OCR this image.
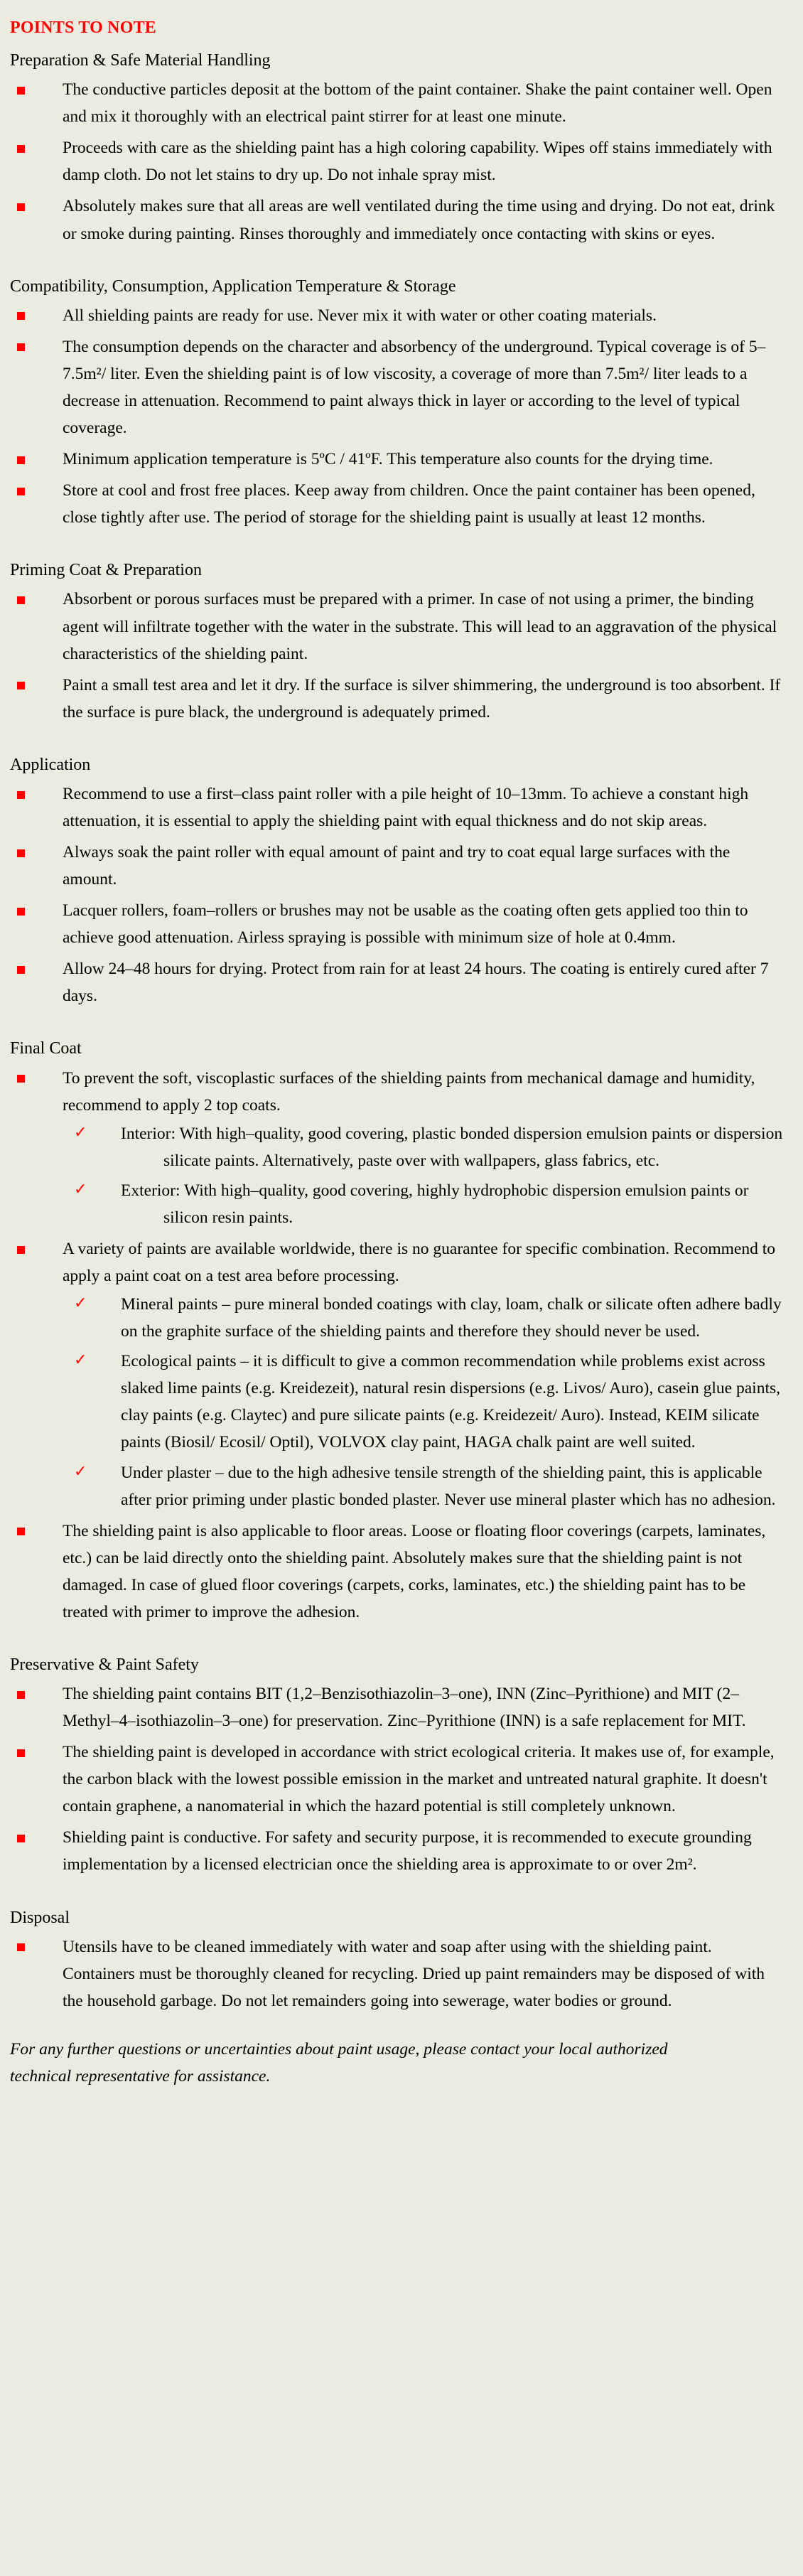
POINTS TO NOTE
Preparation & Safe Material Handling
The conductive particles deposit at the bottom of the paint container. Shake the paint container well. Open and mix it thoroughly with an electrical paint stirrer for at least one minute.
Proceeds with care as the shielding paint has a high coloring capability. Wipes off stains immediately with damp cloth. Do not let stains to dry up. Do not inhale spray mist.
Absolutely makes sure that all areas are well ventilated during the time using and drying. Do not eat, drink or smoke during painting. Rinses thoroughly and immediately once contacting with skins or eyes.
Compatibility, Consumption, Application Temperature & Storage
All shielding paints are ready for use. Never mix it with water or other coating materials.
The consumption depends on the character and absorbency of the underground. Typical coverage is of 5–7.5m²/ liter. Even the shielding paint is of low viscosity, a coverage of more than 7.5m²/ liter leads to a decrease in attenuation. Recommend to paint always thick in layer or according to the level of typical coverage.
Minimum application temperature is 5ºC / 41ºF. This temperature also counts for the drying time.
Store at cool and frost free places. Keep away from children. Once the paint container has been opened, close tightly after use. The period of storage for the shielding paint is usually at least 12 months.
Priming Coat & Preparation
Absorbent or porous surfaces must be prepared with a primer. In case of not using a primer, the binding agent will infiltrate together with the water in the substrate. This will lead to an aggravation of the physical characteristics of the shielding paint.
Paint a small test area and let it dry. If the surface is silver shimmering, the underground is too absorbent. If the surface is pure black, the underground is adequately primed.
Application
Recommend to use a first–class paint roller with a pile height of 10–13mm. To achieve a constant high attenuation, it is essential to apply the shielding paint with equal thickness and do not skip areas.
Always soak the paint roller with equal amount of paint and try to coat equal large surfaces with the amount.
Lacquer rollers, foam–rollers or brushes may not be usable as the coating often gets applied too thin to achieve good attenuation. Airless spraying is possible with minimum size of hole at 0.4mm.
Allow 24–48 hours for drying. Protect from rain for at least 24 hours. The coating is entirely cured after 7 days.
Final Coat
To prevent the soft, viscoplastic surfaces of the shielding paints from mechanical damage and humidity, recommend to apply 2 top coats.
✓ Interior: With high–quality, good covering, plastic bonded dispersion emulsion paints or dispersion silicate paints. Alternatively, paste over with wallpapers, glass fabrics, etc.
✓ Exterior: With high–quality, good covering, highly hydrophobic dispersion emulsion paints or silicon resin paints.
A variety of paints are available worldwide, there is no guarantee for specific combination. Recommend to apply a paint coat on a test area before processing.
✓ Mineral paints – pure mineral bonded coatings with clay, loam, chalk or silicate often adhere badly on the graphite surface of the shielding paints and therefore they should never be used.
✓ Ecological paints – it is difficult to give a common recommendation while problems exist across slaked lime paints (e.g. Kreidezeit), natural resin dispersions (e.g. Livos/ Auro), casein glue paints, clay paints (e.g. Claytec) and pure silicate paints (e.g. Kreidezeit/ Auro). Instead, KEIM silicate paints (Biosil/ Ecosil/ Optil), VOLVOX clay paint, HAGA chalk paint are well suited.
✓ Under plaster – due to the high adhesive tensile strength of the shielding paint, this is applicable after prior priming under plastic bonded plaster. Never use mineral plaster which has no adhesion.
The shielding paint is also applicable to floor areas. Loose or floating floor coverings (carpets, laminates, etc.) can be laid directly onto the shielding paint. Absolutely makes sure that the shielding paint is not damaged. In case of glued floor coverings (carpets, corks, laminates, etc.) the shielding paint has to be treated with primer to improve the adhesion.
Preservative & Paint Safety
The shielding paint contains BIT (1,2–Benzisothiazolin–3–one), INN (Zinc–Pyrithione) and MIT (2–Methyl–4–isothiazolin–3–one) for preservation. Zinc–Pyrithione (INN) is a safe replacement for MIT.
The shielding paint is developed in accordance with strict ecological criteria. It makes use of, for example, the carbon black with the lowest possible emission in the market and untreated natural graphite. It doesn't contain graphene, a nanomaterial in which the hazard potential is still completely unknown.
Shielding paint is conductive. For safety and security purpose, it is recommended to execute grounding implementation by a licensed electrician once the shielding area is approximate to or over 2m².
Disposal
Utensils have to be cleaned immediately with water and soap after using with the shielding paint. Containers must be thoroughly cleaned for recycling. Dried up paint remainders may be disposed of with the household garbage. Do not let remainders going into sewerage, water bodies or ground.
For any further questions or uncertainties about paint usage, please contact your local authorized technical representative for assistance.
